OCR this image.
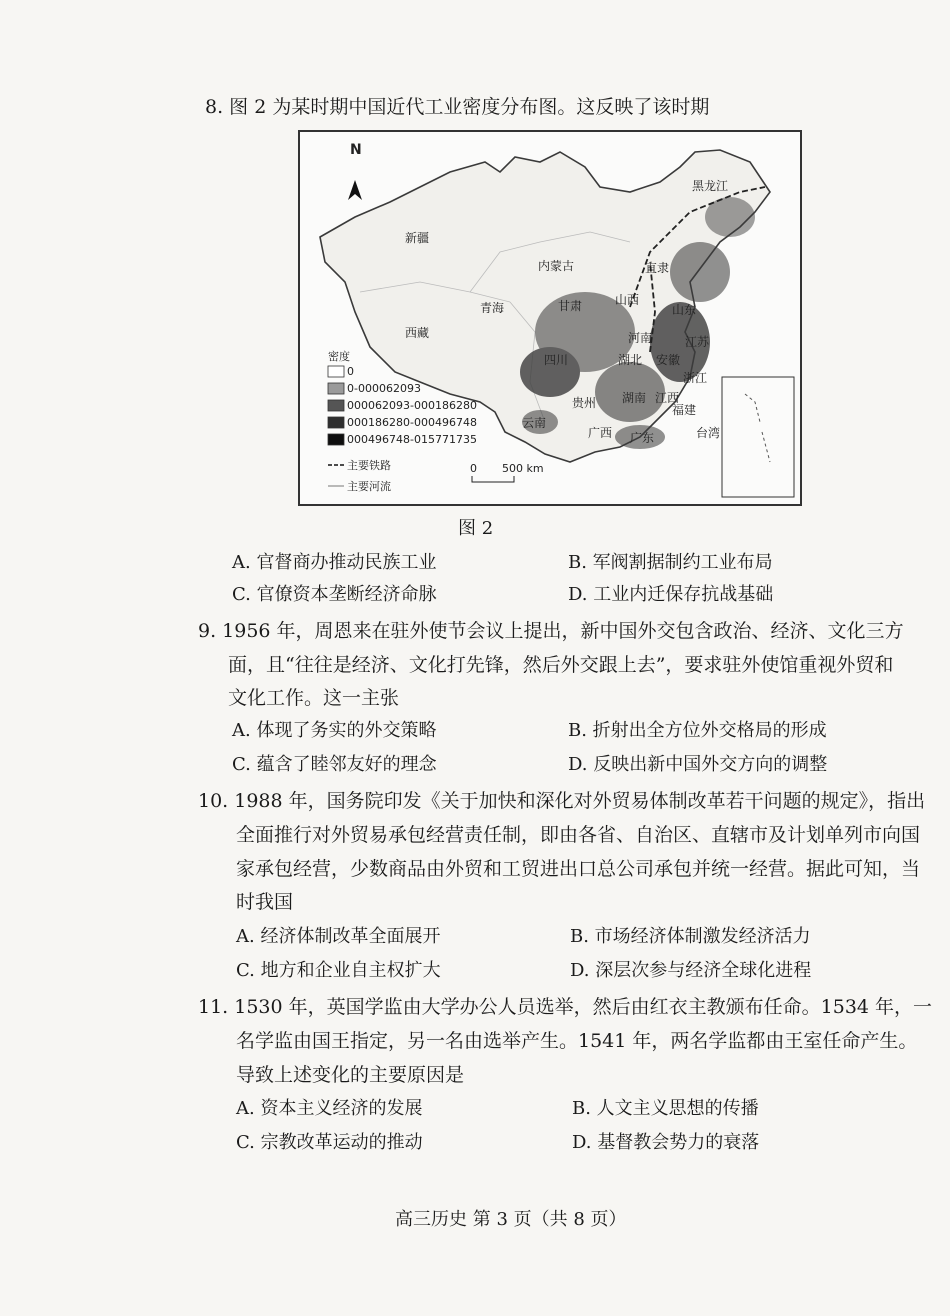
8. 图 2 为某时期中国近代工业密度分布图。这反映了该时期
N
新疆
西藏
青海
内蒙古
黑龙江
直隶
山西
山东
甘肃
河南
四川	湖北 安徽
江苏
浙江
湖南 江西
贵州
云南
广西 广东
福建
台湾
密度
0
0-000062093
000062093-000186280
000186280-000496748
000496748-015771735
主要铁路
主要河流
0 500 km
图 2
A. 官督商办推动民族工业	B. 军阀割据制约工业布局
C. 官僚资本垄断经济命脉	D. 工业内迁保存抗战基础
9. 1956 年，周恩来在驻外使节会议上提出，新中国外交包含政治、经济、文化三方
面，且“往往是经济、文化打先锋，然后外交跟上去”，要求驻外使馆重视外贸和
文化工作。这一主张
A. 体现了务实的外交策略	B. 折射出全方位外交格局的形成
C. 蕴含了睦邻友好的理念	D. 反映出新中国外交方向的调整
10. 1988 年，国务院印发《关于加快和深化对外贸易体制改革若干问题的规定》，指出
全面推行对外贸易承包经营责任制，即由各省、自治区、直辖市及计划单列市向国
家承包经营，少数商品由外贸和工贸进出口总公司承包并统一经营。据此可知，当
时我国
A. 经济体制改革全面展开	B. 市场经济体制激发经济活力
C. 地方和企业自主权扩大	D. 深层次参与经济全球化进程
11. 1530 年，英国学监由大学办公人员选举，然后由红衣主教颁布任命。1534 年，一
名学监由国王指定，另一名由选举产生。1541 年，两名学监都由王室任命产生。
导致上述变化的主要原因是
A. 资本主义经济的发展	B. 人文主义思想的传播
C. 宗教改革运动的推动	D. 基督教会势力的衰落
高三历史 第 3 页（共 8 页）
